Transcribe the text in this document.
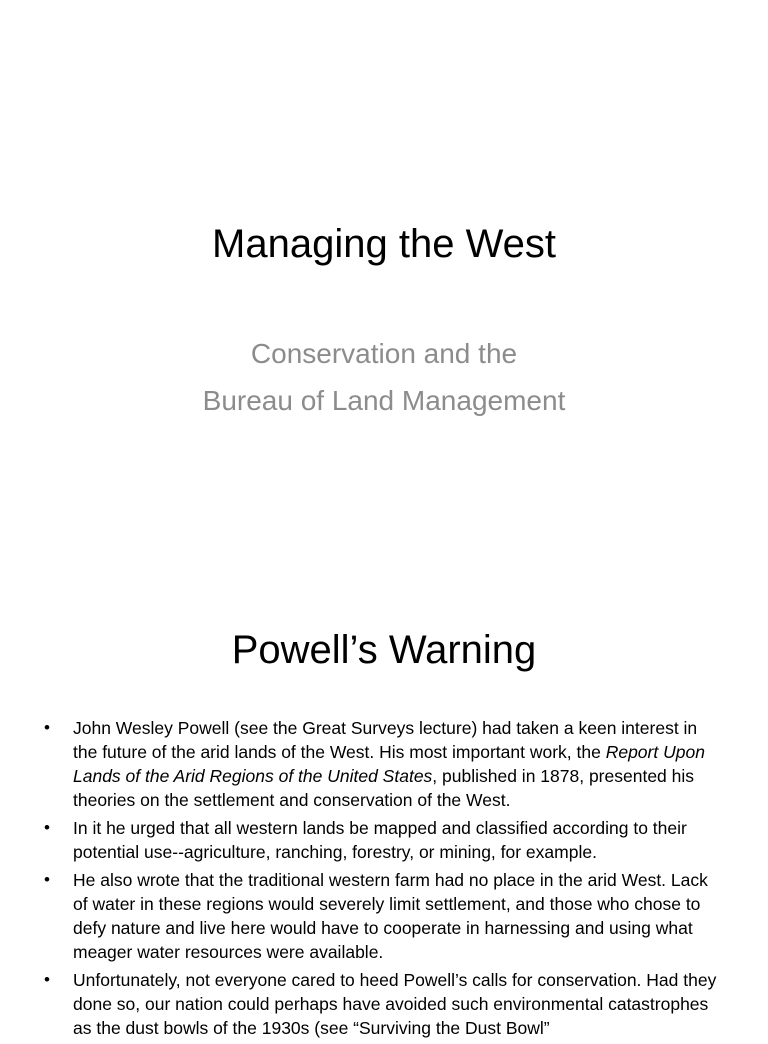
Managing the West
Conservation and the
Bureau of Land Management
Powell’s Warning
• John Wesley Powell (see the Great Surveys lecture) had taken a keen interest in the future of the arid lands of the West. His most important work, the Report Upon Lands of the Arid Regions of the United States, published in 1878, presented his theories on the settlement and conservation of the West.
• In it he urged that all western lands be mapped and classified according to their potential use--agriculture, ranching, forestry, or mining, for example.
• He also wrote that the traditional western farm had no place in the arid West. Lack of water in these regions would severely limit settlement, and those who chose to defy nature and live here would have to cooperate in harnessing and using what meager water resources were available.
• Unfortunately, not everyone cared to heed Powell’s calls for conservation. Had they done so, our nation could perhaps have avoided such environmental catastrophes as the dust bowls of the 1930s (see “Surviving the Dust Bowl”
